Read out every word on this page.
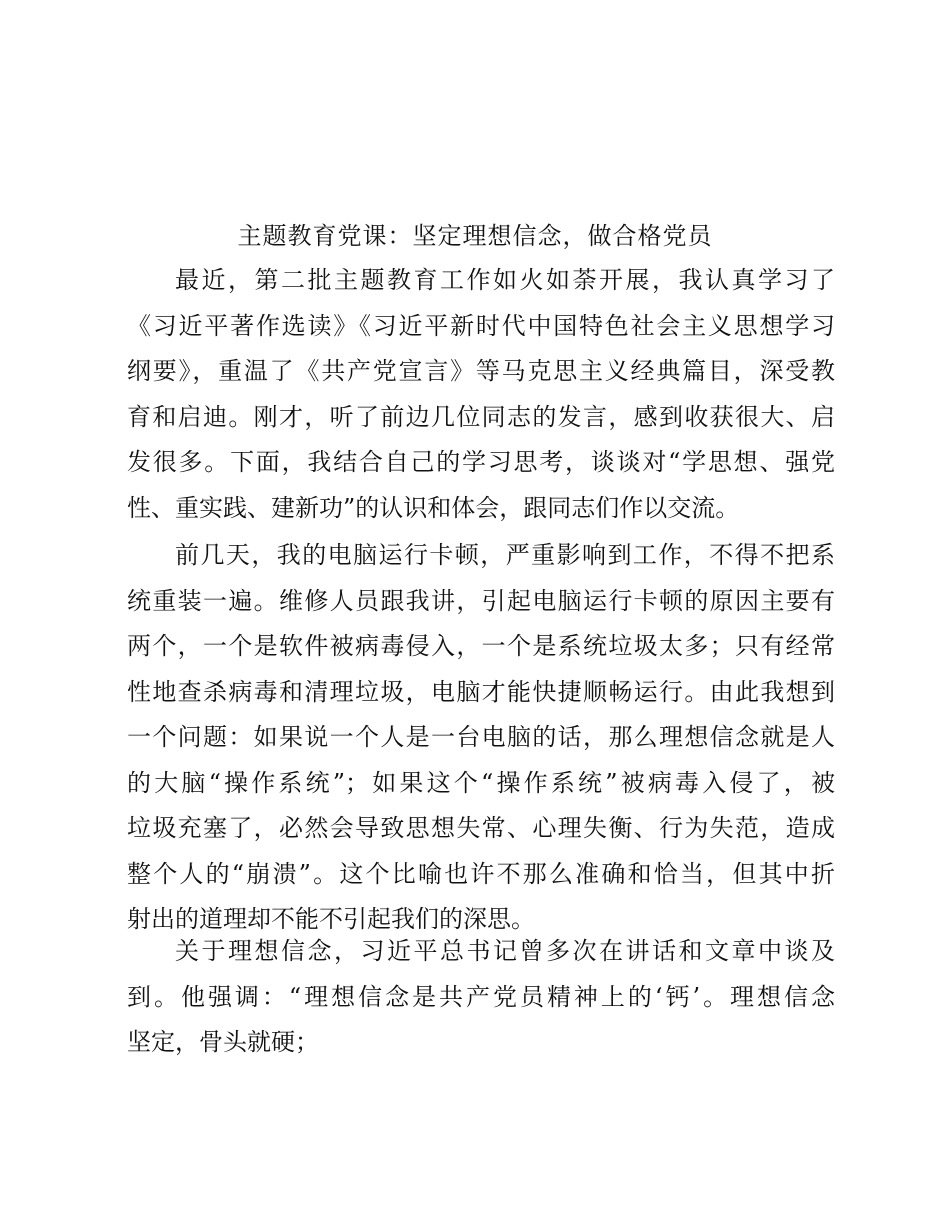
主题教育党课：坚定理想信念，做合格党员
最近，第二批主题教育工作如火如荼开展，我认真学习了
《习近平著作选读》《习近平新时代中国特色社会主义思想学习
纲要》，重温了《共产党宣言》等马克思主义经典篇目，深受教
育和启迪。刚才，听了前边几位同志的发言，感到收获很大、启
发很多。下面，我结合自己的学习思考，谈谈对“学思想、强党
性、重实践、建新功”的认识和体会，跟同志们作以交流。
前几天，我的电脑运行卡顿，严重影响到工作，不得不把系
统重装一遍。维修人员跟我讲，引起电脑运行卡顿的原因主要有
两个，一个是软件被病毒侵入，一个是系统垃圾太多；只有经常
性地查杀病毒和清理垃圾，电脑才能快捷顺畅运行。由此我想到
一个问题：如果说一个人是一台电脑的话，那么理想信念就是人
的大脑“操作系统”；如果这个“操作系统”被病毒入侵了，被
垃圾充塞了，必然会导致思想失常、心理失衡、行为失范，造成
整个人的“崩溃”。这个比喻也许不那么准确和恰当，但其中折
射出的道理却不能不引起我们的深思。
关于理想信念，习近平总书记曾多次在讲话和文章中谈及
到。他强调：“理想信念是共产党员精神上的‘钙’。理想信念
坚定，骨头就硬；
